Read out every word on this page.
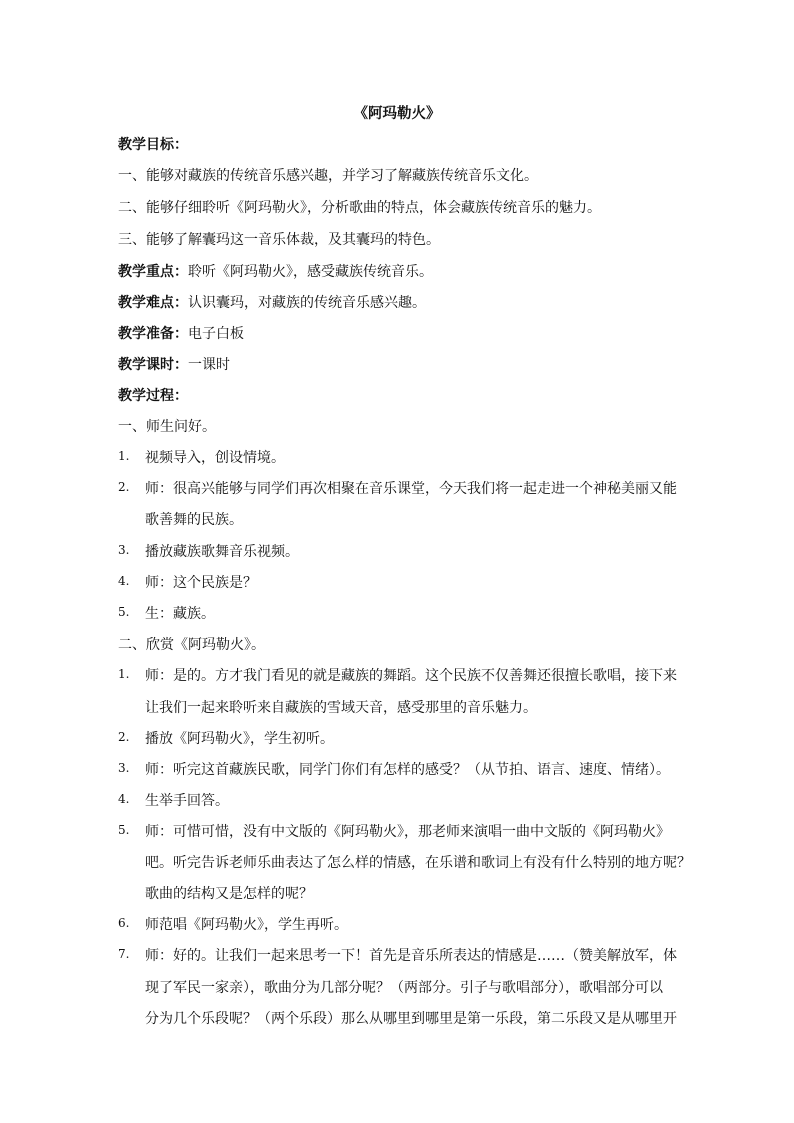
《阿玛勒火》
教学目标：
一、能够对藏族的传统音乐感兴趣，并学习了解藏族传统音乐文化。
二、能够仔细聆听《阿玛勒火》，分析歌曲的特点，体会藏族传统音乐的魅力。
三、能够了解囊玛这一音乐体裁，及其囊玛的特色。
教学重点：聆听《阿玛勒火》，感受藏族传统音乐。
教学难点：认识囊玛，对藏族的传统音乐感兴趣。
教学准备：电子白板
教学课时：一课时
教学过程：
一、师生问好。
1. 视频导入，创设情境。
2. 师：很高兴能够与同学们再次相聚在音乐课堂，今天我们将一起走进一个神秘美丽又能
歌善舞的民族。
3. 播放藏族歌舞音乐视频。
4. 师：这个民族是？
5. 生：藏族。
二、欣赏《阿玛勒火》。
1. 师：是的。方才我门看见的就是藏族的舞蹈。这个民族不仅善舞还很擅长歌唱，接下来
让我们一起来聆听来自藏族的雪域天音，感受那里的音乐魅力。
2. 播放《阿玛勒火》，学生初听。
3. 师：听完这首藏族民歌，同学门你们有怎样的感受？（从节拍、语言、速度、情绪）。
4. 生举手回答。
5. 师：可惜可惜，没有中文版的《阿玛勒火》，那老师来演唱一曲中文版的《阿玛勒火》
吧。听完告诉老师乐曲表达了怎么样的情感，在乐谱和歌词上有没有什么特别的地方呢？
歌曲的结构又是怎样的呢？
6. 师范唱《阿玛勒火》，学生再听。
7. 师：好的。让我们一起来思考一下！首先是音乐所表达的情感是……（赞美解放军，体
现了军民一家亲），歌曲分为几部分呢？（两部分。引子与歌唱部分），歌唱部分可以
分为几个乐段呢？（两个乐段）那么从哪里到哪里是第一乐段，第二乐段又是从哪里开
